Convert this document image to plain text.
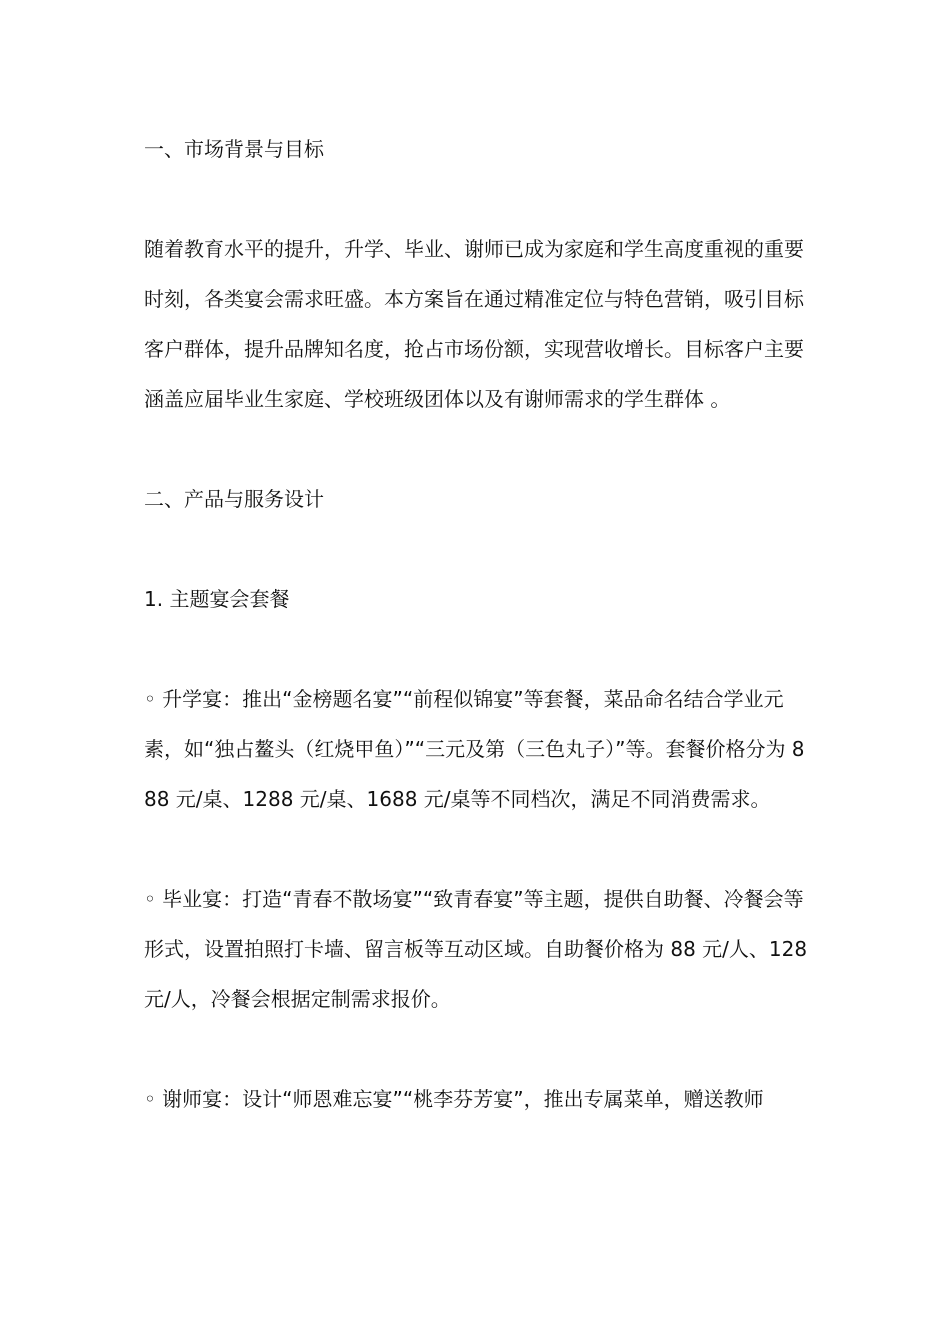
一、市场背景与目标

随着教育水平的提升，升学、毕业、谢师已成为家庭和学生高度重视的重要时刻，各类宴会需求旺盛。本方案旨在通过精准定位与特色营销，吸引目标客户群体，提升品牌知名度，抢占市场份额，实现营收增长。目标客户主要涵盖应届毕业生家庭、学校班级团体以及有谢师需求的学生群体 。

二、产品与服务设计

1. 主题宴会套餐

◦ 升学宴：推出“金榜题名宴”“前程似锦宴”等套餐，菜品命名结合学业元素，如“独占鳌头（红烧甲鱼）”“三元及第（三色丸子）”等。套餐价格分为 888 元/桌、1288 元/桌、1688 元/桌等不同档次，满足不同消费需求。

◦ 毕业宴：打造“青春不散场宴”“致青春宴”等主题，提供自助餐、冷餐会等形式，设置拍照打卡墙、留言板等互动区域。自助餐价格为 88 元/人、128 元/人，冷餐会根据定制需求报价。

◦ 谢师宴：设计“师恩难忘宴”“桃李芬芳宴”，推出专属菜单，赠送教师
